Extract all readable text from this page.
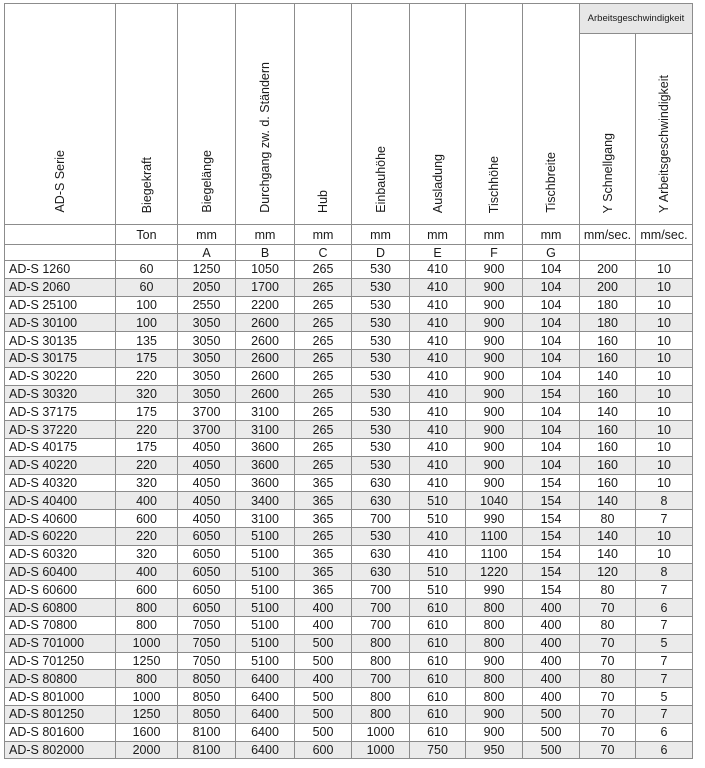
AD-S Serie	Biegekraft	Biegelänge	Durchgang zw. d. Ständern	Hub	Einbauhöhe	Ausladung	Tischhöhe	Tischbreite	Arbeitsgeschwindigkeit	
									Y Schnellgang	Y Arbeitsgeschwindigkeit
	Ton	mm	mm	mm	mm	mm	mm	mm	mm/sec.	mm/sec.
		A	B	C	D	E	F	G		
AD-S 1260	60	1250	1050	265	530	410	900	104	200	10
AD-S 2060	60	2050	1700	265	530	410	900	104	200	10
AD-S 25100	100	2550	2200	265	530	410	900	104	180	10
AD-S 30100	100	3050	2600	265	530	410	900	104	180	10
AD-S 30135	135	3050	2600	265	530	410	900	104	160	10
AD-S 30175	175	3050	2600	265	530	410	900	104	160	10
AD-S 30220	220	3050	2600	265	530	410	900	104	140	10
AD-S 30320	320	3050	2600	265	530	410	900	154	160	10
AD-S 37175	175	3700	3100	265	530	410	900	104	140	10
AD-S 37220	220	3700	3100	265	530	410	900	104	160	10
AD-S 40175	175	4050	3600	265	530	410	900	104	160	10
AD-S 40220	220	4050	3600	265	530	410	900	104	160	10
AD-S 40320	320	4050	3600	365	630	410	900	154	160	10
AD-S 40400	400	4050	3400	365	630	510	1040	154	140	8
AD-S 40600	600	4050	3100	365	700	510	990	154	80	7
AD-S 60220	220	6050	5100	265	530	410	1100	154	140	10
AD-S 60320	320	6050	5100	365	630	410	1100	154	140	10
AD-S 60400	400	6050	5100	365	630	510	1220	154	120	8
AD-S 60600	600	6050	5100	365	700	510	990	154	80	7
AD-S 60800	800	6050	5100	400	700	610	800	400	70	6
AD-S 70800	800	7050	5100	400	700	610	800	400	80	7
AD-S 701000	1000	7050	5100	500	800	610	800	400	70	5
AD-S 701250	1250	7050	5100	500	800	610	900	400	70	7
AD-S 80800	800	8050	6400	400	700	610	800	400	80	7
AD-S 801000	1000	8050	6400	500	800	610	800	400	70	5
AD-S 801250	1250	8050	6400	500	800	610	900	500	70	7
AD-S 801600	1600	8100	6400	500	1000	610	900	500	70	6
AD-S 802000	2000	8100	6400	600	1000	750	950	500	70	6
